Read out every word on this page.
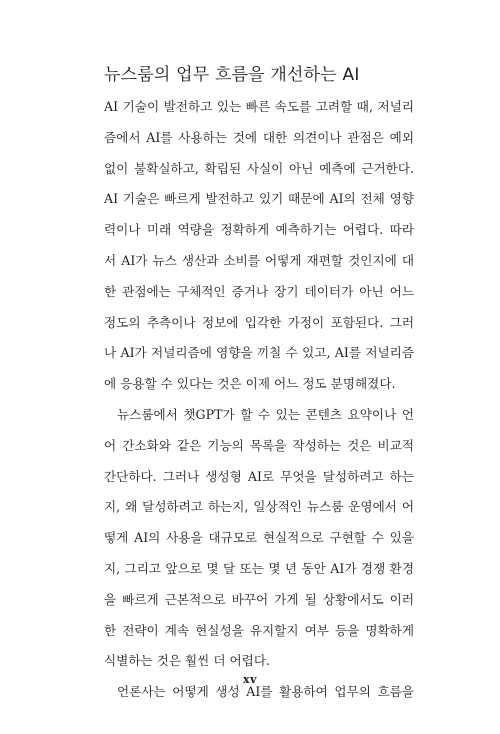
뉴스룸의 업무 흐름을 개선하는 AI
AI 기술이 발전하고 있는 빠른 속도를 고려할 때, 저널리
즘에서 AI를 사용하는 것에 대한 의견이나 관점은 예외
없이 불확실하고, 확립된 사실이 아닌 예측에 근거한다.
AI 기술은 빠르게 발전하고 있기 때문에 AI의 전체 영향
력이나 미래 역량을 정확하게 예측하기는 어렵다. 따라
서 AI가 뉴스 생산과 소비를 어떻게 재편할 것인지에 대
한 관점에는 구체적인 증거나 장기 데이터가 아닌 어느
정도의 추측이나 정보에 입각한 가정이 포함된다. 그러
나 AI가 저널리즘에 영향을 끼칠 수 있고, AI를 저널리즘
에 응용할 수 있다는 것은 이제 어느 정도 분명해졌다.
뉴스룸에서 챗GPT가 할 수 있는 콘텐츠 요약이나 언
어 간소화와 같은 기능의 목록을 작성하는 것은 비교적
간단하다. 그러나 생성형 AI로 무엇을 달성하려고 하는
지, 왜 달성하려고 하는지, 일상적인 뉴스룸 운영에서 어
떻게 AI의 사용을 대규모로 현실적으로 구현할 수 있을
지, 그리고 앞으로 몇 달 또는 몇 년 동안 AI가 경쟁 환경
을 빠르게 근본적으로 바꾸어 가게 될 상황에서도 이러
한 전략이 계속 현실성을 유지할지 여부 등을 명확하게
식별하는 것은 훨씬 더 어렵다.
언론사는 어떻게 생성 AI를 활용하여 업무의 흐름을
xv
